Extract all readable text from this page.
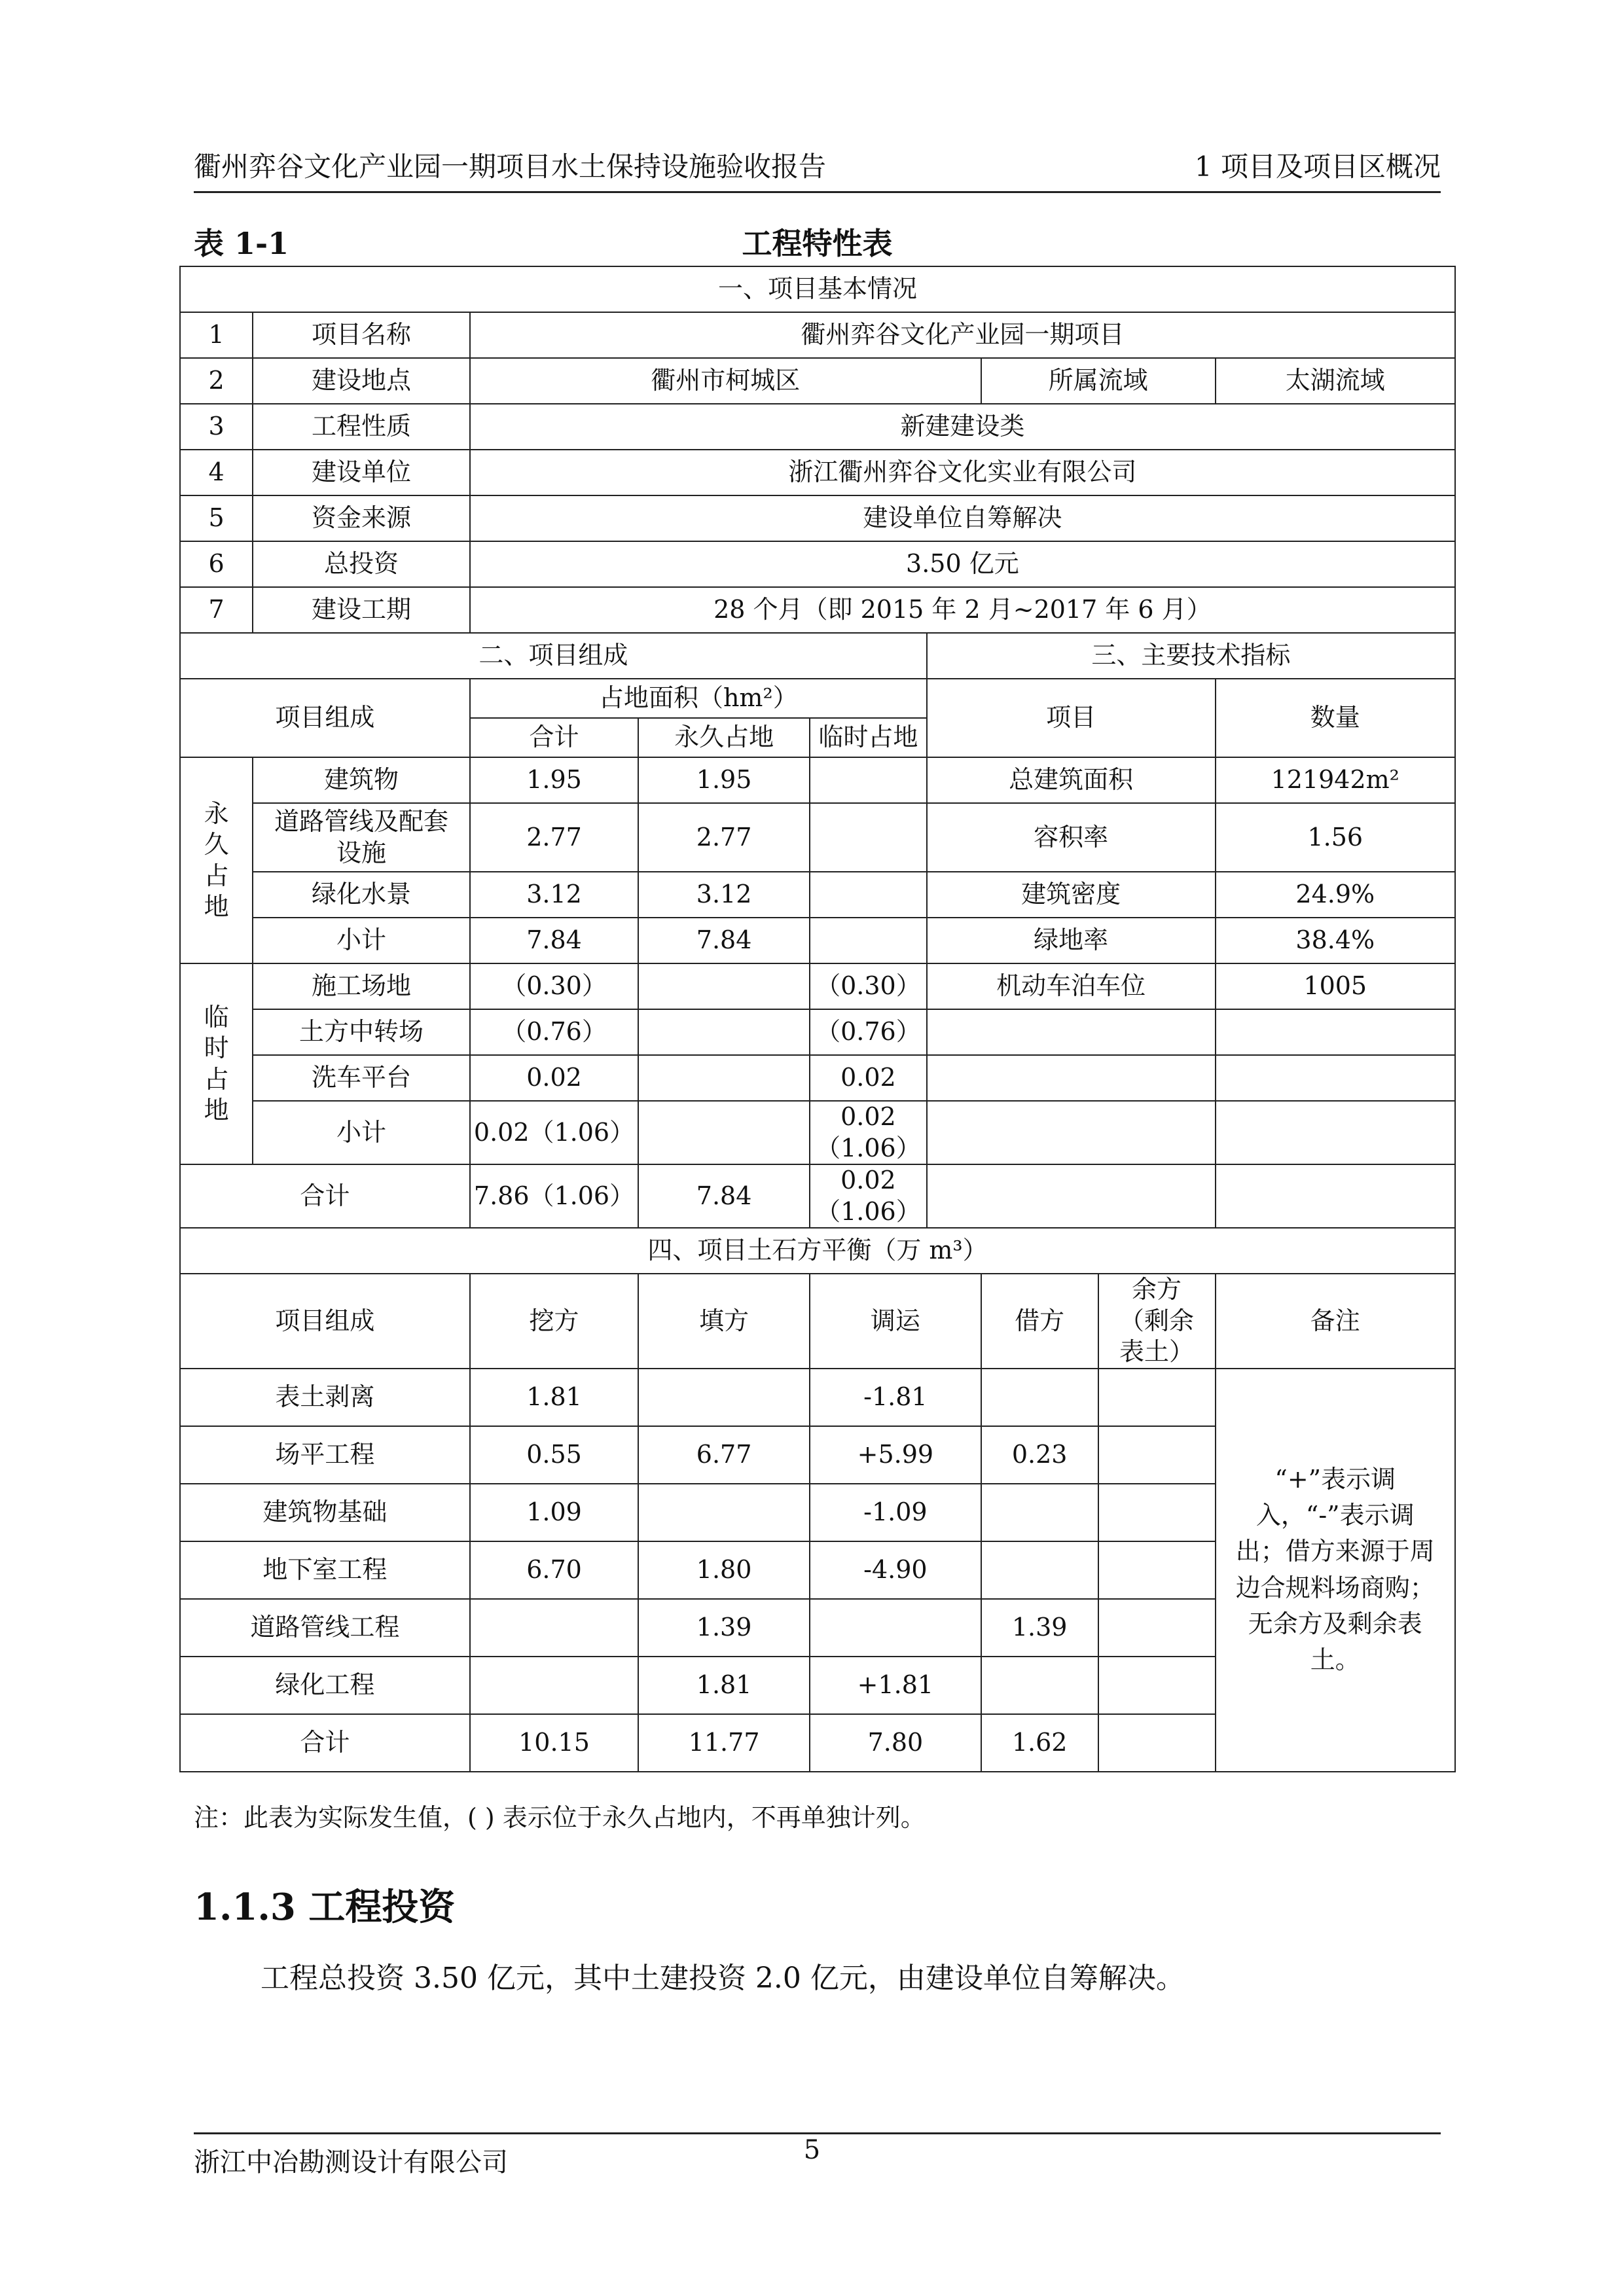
衢州弈谷文化产业园一期项目水土保持设施验收报告	1 项目及项目区概况
表 1-1	工程特性表
一、项目基本情况								
1	项目名称	衢州弈谷文化产业园一期项目						
2	建设地点	衢州市柯城区				所属流域		太湖流域
3	工程性质	新建建设类						
4	建设单位	浙江衢州弈谷文化实业有限公司						
5	资金来源	建设单位自筹解决						
6	总投资	3.50 亿元						
7	建设工期	28 个月（即 2015 年 2 月~2017 年 6 月）						
二、项目组成					三、主要技术指标			
项目组成		占地面积（hm²）			项目			数量
		合计	永久占地	临时占地				
永久占地	建筑物	1.95	1.95		总建筑面积			121942m²
	道路管线及配套设施	2.77	2.77		容积率			1.56
	绿化水景	3.12	3.12		建筑密度			24.9%
	小计	7.84	7.84		绿地率			38.4%
临时占地	施工场地	（0.30）		（0.30）	机动车泊车位			1005
	土方中转场	（0.76）		（0.76）				
	洗车平台	0.02		0.02				
	小计	0.02（1.06）		0.02（1.06）				
合计		7.86（1.06）	7.84	0.02（1.06）				
四、项目土石方平衡（万 m³）								
项目组成		挖方	填方	调运		借方	余方（剩余表土）	备注
表土剥离		1.81		-1.81				“+”表示调入，“-”表示调出；借方来源于周边合规料场商购；无余方及剩余表土。
场平工程		0.55	6.77	+5.99		0.23		
建筑物基础		1.09		-1.09				
地下室工程		6.70	1.80	-4.90				
道路管线工程			1.39			1.39		
绿化工程			1.81	+1.81				
合计		10.15	11.77	7.80		1.62		
注：此表为实际发生值，( ) 表示位于永久占地内，不再单独计列。
1.1.3 工程投资
工程总投资 3.50 亿元，其中土建投资 2.0 亿元，由建设单位自筹解决。
浙江中冶勘测设计有限公司	5
